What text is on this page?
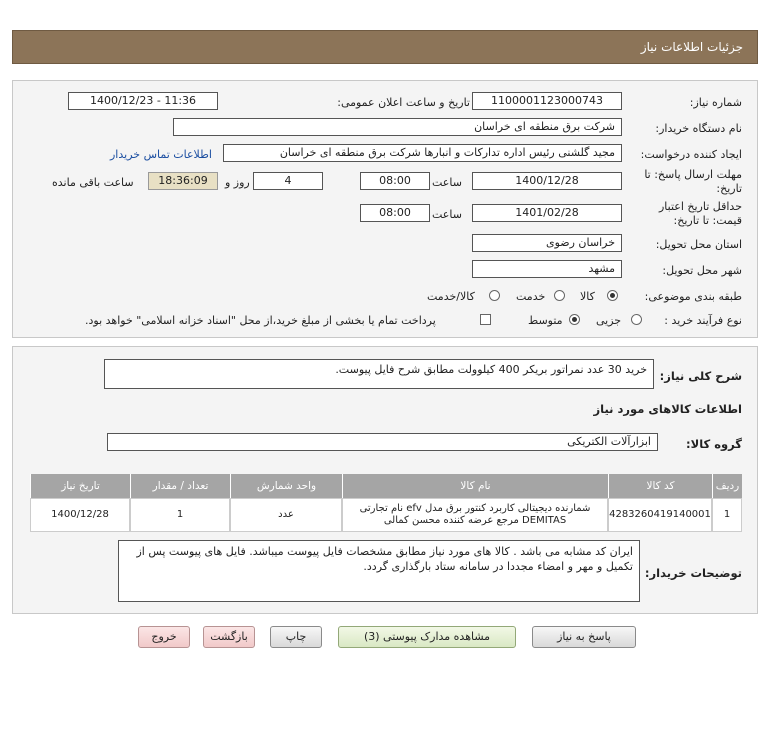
جزئیات اطلاعات نیاز
شماره نیاز:
1100001123000743
تاریخ و ساعت اعلان عمومی:
1400/12/23 - 11:36
نام دستگاه خریدار:
شرکت برق منطقه ای خراسان
ایجاد کننده درخواست:
مجید گلشنی رئیس اداره تدارکات و انبارها شرکت برق منطقه ای خراسان
اطلاعات تماس خریدار
مهلت ارسال پاسخ: تا
تاریخ:
1400/12/28
ساعت
08:00
4
روز و
18:36:09
ساعت باقی مانده
حداقل تاریخ اعتبار
قیمت: تا تاریخ:
1401/02/28
ساعت
08:00
استان محل تحویل:
خراسان رضوی
شهر محل تحویل:
مشهد
طبقه بندی موضوعی:
کالا
خدمت
کالا/خدمت
نوع فرآیند خرید :
جزیی
متوسط
پرداخت تمام یا بخشی از مبلغ خرید،از محل "اسناد خزانه اسلامی" خواهد بود.
شرح کلی نیاز:
خرید 30 عدد نمراتور بریکر 400 کیلوولت مطابق شرح فایل پیوست.
اطلاعات کالاهای مورد نیاز
گروه کالا:
ابزارآلات الکتریکی
ردیف
کد کالا
نام کالا
واحد شمارش
تعداد / مقدار
تاریخ نیاز
1
4283260419140001
شمارنده دیجیتالی کاربرد کنتور برق مدل efv نام تجارتی DEMITAS مرجع عرضه کننده محسن کمالی
عدد
1
1400/12/28
توضیحات خریدار:
ایران کد مشابه می باشد . کالا های مورد نیاز مطابق مشخصات فایل پیوست میباشد. فایل های پیوست پس از تکمیل و مهر و امضاء مجددا در سامانه ستاد بارگذاری گردد.
پاسخ به نیاز
مشاهده مدارک پیوستی (3)
چاپ
بازگشت
خروج
